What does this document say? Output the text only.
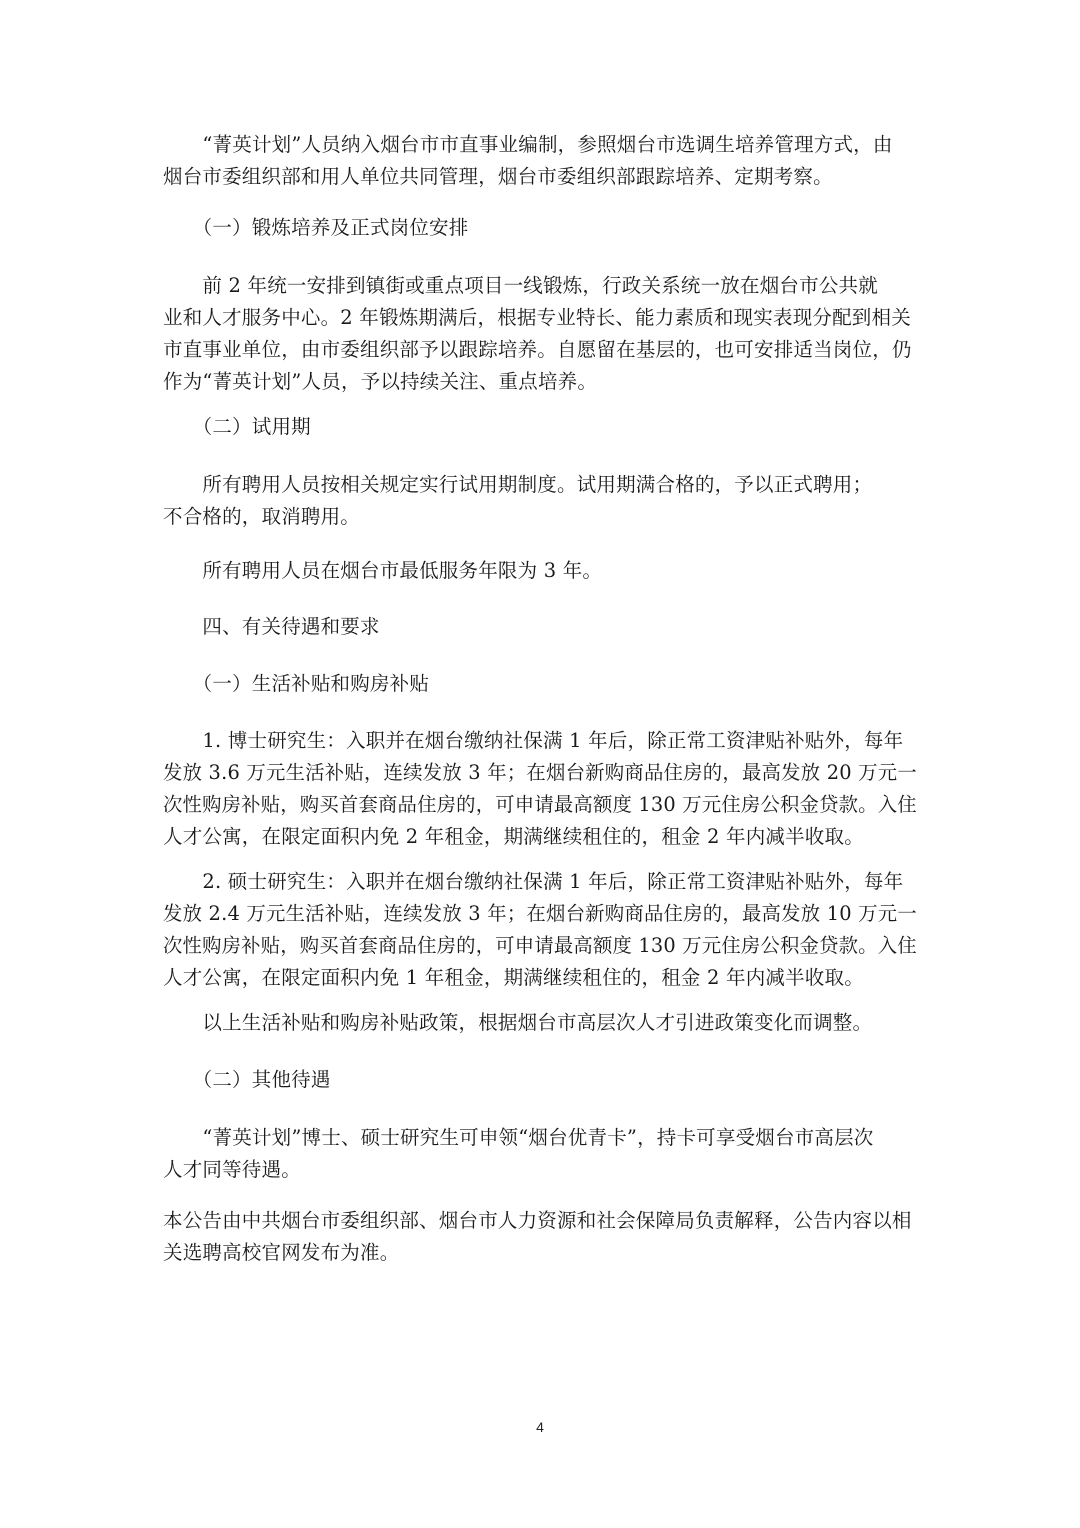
　　“菁英计划”人员纳入烟台市市直事业编制，参照烟台市选调生培养管理方式，由
烟台市委组织部和用人单位共同管理，烟台市委组织部跟踪培养、定期考察。
　　（一）锻炼培养及正式岗位安排
　　前 2 年统一安排到镇街或重点项目一线锻炼，行政关系统一放在烟台市公共就
业和人才服务中心。2 年锻炼期满后，根据专业特长、能力素质和现实表现分配到相关
市直事业单位，由市委组织部予以跟踪培养。自愿留在基层的，也可安排适当岗位，仍
作为“菁英计划”人员，予以持续关注、重点培养。
　　（二）试用期
　　所有聘用人员按相关规定实行试用期制度。试用期满合格的，予以正式聘用；
不合格的，取消聘用。
　　所有聘用人员在烟台市最低服务年限为 3 年。
　　四、有关待遇和要求
　　（一）生活补贴和购房补贴
　　1. 博士研究生：入职并在烟台缴纳社保满 1 年后，除正常工资津贴补贴外，每年
发放 3.6 万元生活补贴，连续发放 3 年；在烟台新购商品住房的，最高发放 20 万元一
次性购房补贴，购买首套商品住房的，可申请最高额度 130 万元住房公积金贷款。入住
人才公寓，在限定面积内免 2 年租金，期满继续租住的，租金 2 年内减半收取。
　　2. 硕士研究生：入职并在烟台缴纳社保满 1 年后，除正常工资津贴补贴外，每年
发放 2.4 万元生活补贴，连续发放 3 年；在烟台新购商品住房的，最高发放 10 万元一
次性购房补贴，购买首套商品住房的，可申请最高额度 130 万元住房公积金贷款。入住
人才公寓，在限定面积内免 1 年租金，期满继续租住的，租金 2 年内减半收取。
　　以上生活补贴和购房补贴政策，根据烟台市高层次人才引进政策变化而调整。
　　（二）其他待遇
　　“菁英计划”博士、硕士研究生可申领“烟台优青卡”，持卡可享受烟台市高层次
人才同等待遇。
本公告由中共烟台市委组织部、烟台市人力资源和社会保障局负责解释，公告内容以相
关选聘高校官网发布为准。
4
